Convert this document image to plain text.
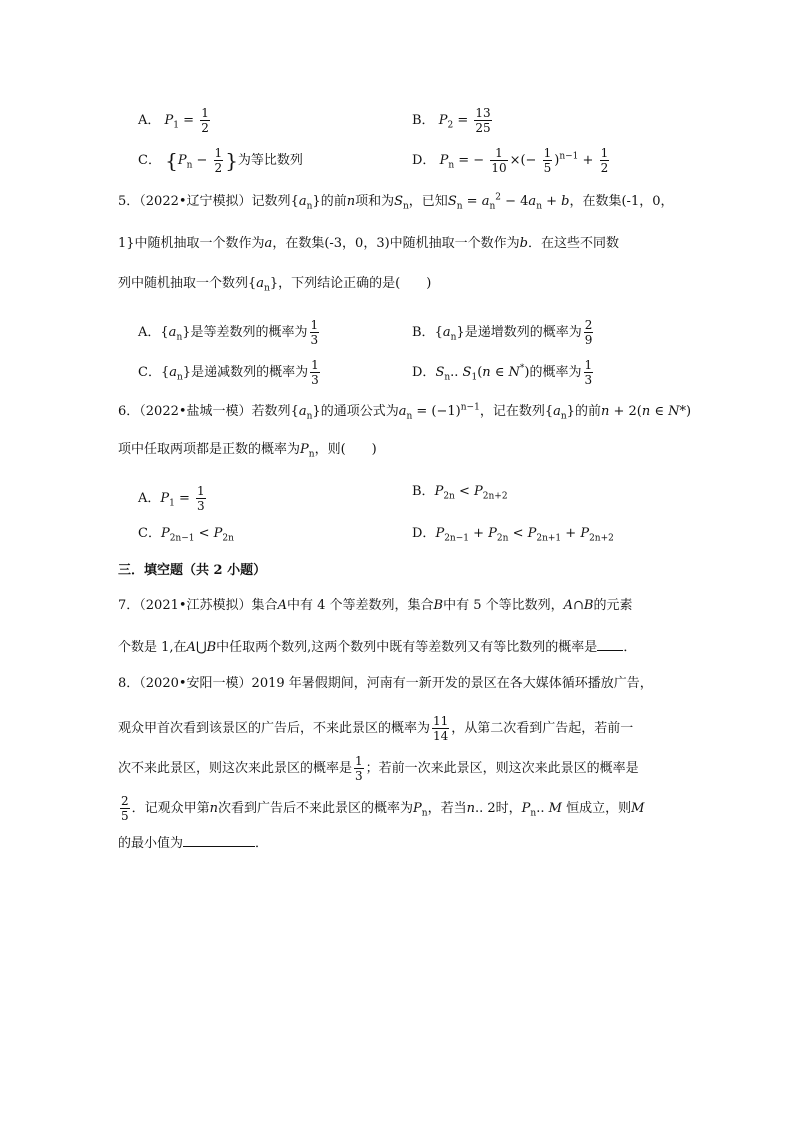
A． $P_1 = \frac{1}{2}$	B． $P_2 = \frac{13}{25}$
C． {$P_n - \frac{1}{2}$ }为等比数列	D． $P_n$ = − $\frac{1}{10}$ ×(− $\frac{1}{5} )^{n-1} + \frac{1}{2}$
5．（2022•辽宁模拟）记数列$\{a_n\}$的前n项和为$S_n$，已知$S_n = a_n^2 - 4a_n + b$，在数集(-1，0，
1}中随机抽取一个数作为a，在数集(-3，0，3)中随机抽取一个数作为b．在这些不同数
列中随机抽取一个数列$\{a_n\}$，下列结论正确的是(　　)
A．$\{a_n\}$是等差数列的概率为 $\frac{1}{3}$	B．$\{a_n\}$是递增数列的概率为 $\frac{2}{9}$
C．$\{a_n\}$是递减数列的概率为 $\frac{1}{3}$	D．$S_n$.. $S_1(n$ ∈ N*)的概率为 $\frac{1}{3}$
6．（2022•盐城一模）若数列$\{a_n\}$的通项公式为$a_n = (-1)^{n-1}$，记在数列$\{a_n\}$的前n + 2(n ∈ N*)
项中任取两项都是正数的概率为$P_n$，则(　　)
A．$P_1 = \frac{1}{3}$	B．$P_{2n} < P_{2n+2}$
C．$P_{2n-1} < P_{2n}$	D．$P_{2n-1} + P_{2n} < P_{2n+1} + P_{2n+2}$
三．填空题（共 2 小题）
7．（2021•江苏模拟）集合A中有 4 个等差数列，集合B中有 5 个等比数列，A∩B的元素
个数是 1,在A⋃B中任取两个数列,这两个数列中既有等差数列又有等比数列的概率是 ．
8．（2020•安阳一模）2019 年暑假期间，河南有一新开发的景区在各大媒体循环播放广告，
观众甲首次看到该景区的广告后，不来此景区的概率为 $\frac{11}{14}$ ，从第二次看到广告起，若前一
次不来此景区，则这次来此景区的概率是 $\frac{1}{3}$ ；若前一次来此景区，则这次来此景区的概率是
$\frac{2}{5}$ ．记观众甲第n次看到广告后不来此景区的概率为$P_n$，若当n.. 2时，$P_n$.. M 恒成立，则M
的最小值为	．
